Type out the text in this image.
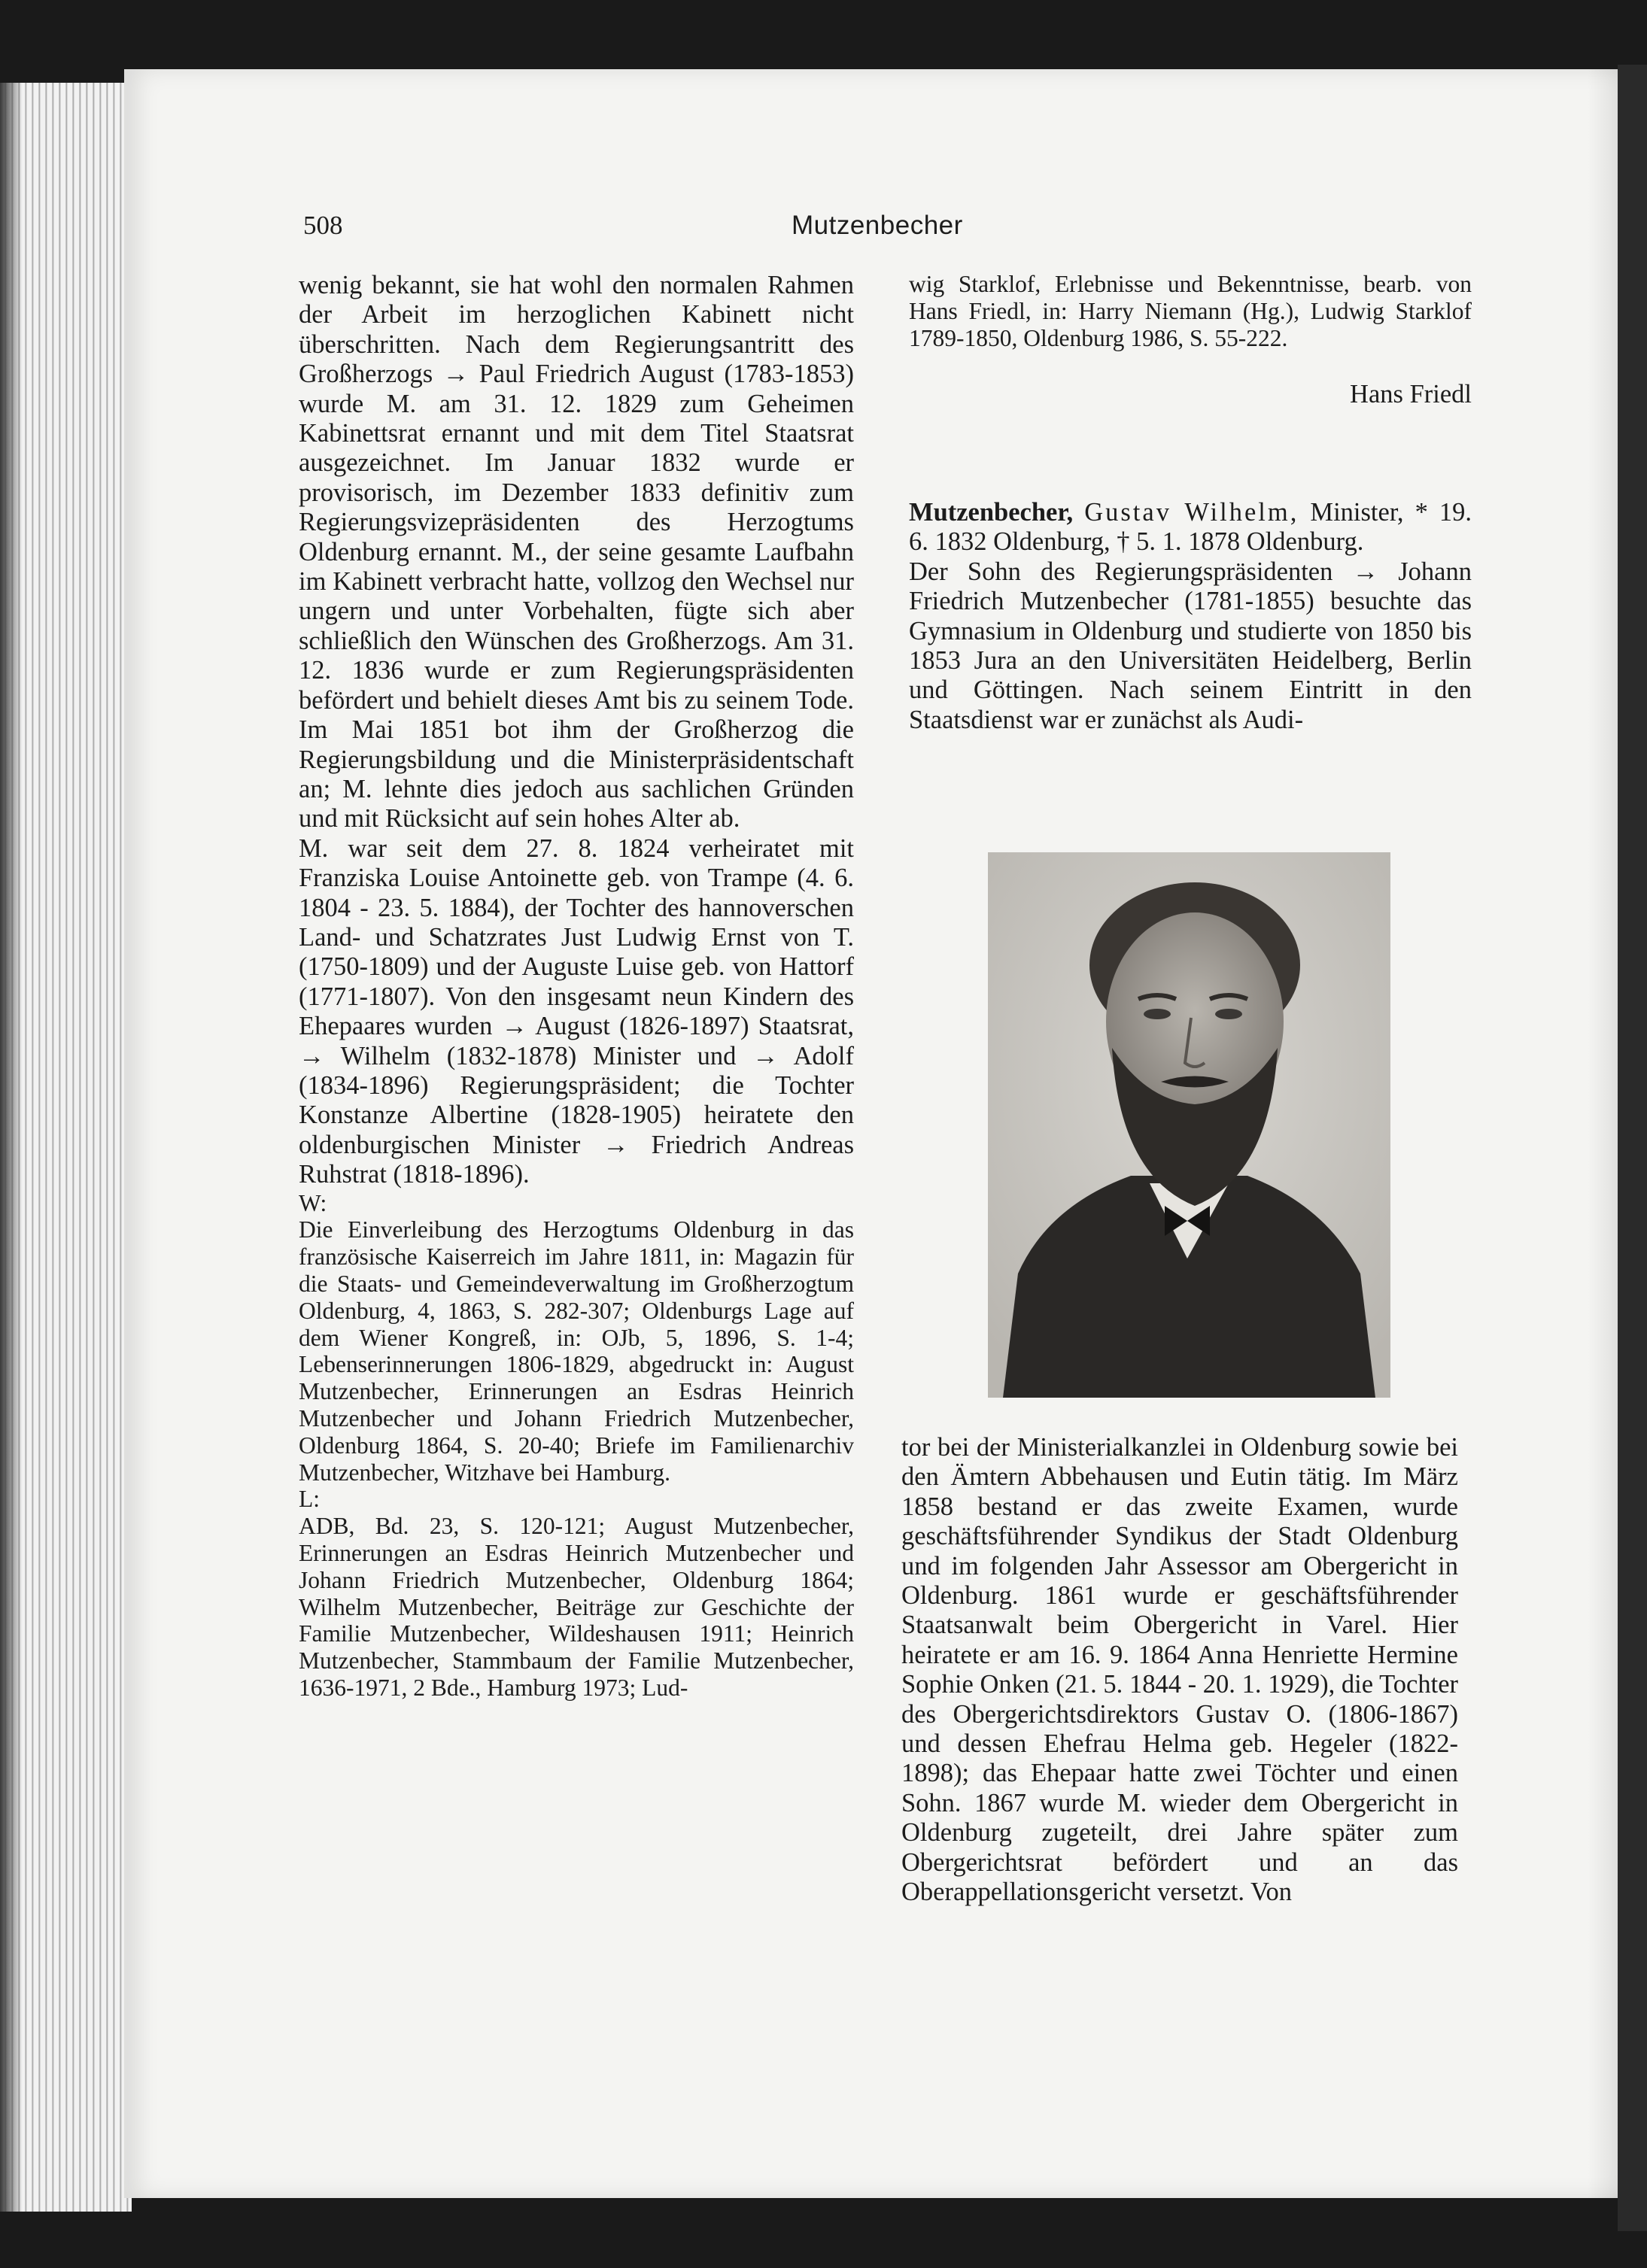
508	Mutzenbecher

wenig bekannt, sie hat wohl den normalen Rahmen der Arbeit im herzoglichen Kabinett nicht überschritten. Nach dem Regierungsantritt des Großherzogs → Paul Friedrich August (1783-1853) wurde M. am 31. 12. 1829 zum Geheimen Kabinettsrat ernannt und mit dem Titel Staatsrat ausgezeichnet. Im Januar 1832 wurde er provisorisch, im Dezember 1833 definitiv zum Regierungsvizepräsidenten des Herzogtums Oldenburg ernannt. M., der seine gesamte Laufbahn im Kabinett verbracht hatte, vollzog den Wechsel nur ungern und unter Vorbehalten, fügte sich aber schließlich den Wünschen des Großherzogs. Am 31. 12. 1836 wurde er zum Regierungspräsidenten befördert und behielt dieses Amt bis zu seinem Tode. Im Mai 1851 bot ihm der Großherzog die Regierungsbildung und die Ministerpräsidentschaft an; M. lehnte dies jedoch aus sachlichen Gründen und mit Rücksicht auf sein hohes Alter ab.

M. war seit dem 27. 8. 1824 verheiratet mit Franziska Louise Antoinette geb. von Trampe (4. 6. 1804 - 23. 5. 1884), der Tochter des hannoverschen Land- und Schatzrates Just Ludwig Ernst von T. (1750-1809) und der Auguste Luise geb. von Hattorf (1771-1807). Von den insgesamt neun Kindern des Ehepaares wurden → August (1826-1897) Staatsrat, → Wilhelm (1832-1878) Minister und → Adolf (1834-1896) Regierungspräsident; die Tochter Konstanze Albertine (1828-1905) heiratete den oldenburgischen Minister → Friedrich Andreas Ruhstrat (1818-1896).

W:
Die Einverleibung des Herzogtums Oldenburg in das französische Kaiserreich im Jahre 1811, in: Magazin für die Staats- und Gemeindeverwaltung im Großherzogtum Oldenburg, 4, 1863, S. 282-307; Oldenburgs Lage auf dem Wiener Kongreß, in: OJb, 5, 1896, S. 1-4; Lebenserinnerungen 1806-1829, abgedruckt in: August Mutzenbecher, Erinnerungen an Esdras Heinrich Mutzenbecher und Johann Friedrich Mutzenbecher, Oldenburg 1864, S. 20-40; Briefe im Familienarchiv Mutzenbecher, Witzhave bei Hamburg.
L:
ADB, Bd. 23, S. 120-121; August Mutzenbecher, Erinnerungen an Esdras Heinrich Mutzenbecher und Johann Friedrich Mutzenbecher, Oldenburg 1864; Wilhelm Mutzenbecher, Beiträge zur Geschichte der Familie Mutzenbecher, Wildeshausen 1911; Heinrich Mutzenbecher, Stammbaum der Familie Mutzenbecher, 1636-1971, 2 Bde., Hamburg 1973; Lud-

wig Starklof, Erlebnisse und Bekenntnisse, bearb. von Hans Friedl, in: Harry Niemann (Hg.), Ludwig Starklof 1789-1850, Oldenburg 1986, S. 55-222.

Hans Friedl

Mutzenbecher, Gustav Wilhelm, Minister, * 19. 6. 1832 Oldenburg, † 5. 1. 1878 Oldenburg.

Der Sohn des Regierungspräsidenten → Johann Friedrich Mutzenbecher (1781-1855) besuchte das Gymnasium in Oldenburg und studierte von 1850 bis 1853 Jura an den Universitäten Heidelberg, Berlin und Göttingen. Nach seinem Eintritt in den Staatsdienst war er zunächst als Audi-

tor bei der Ministerialkanzlei in Oldenburg sowie bei den Ämtern Abbehausen und Eutin tätig. Im März 1858 bestand er das zweite Examen, wurde geschäftsführender Syndikus der Stadt Oldenburg und im folgenden Jahr Assessor am Obergericht in Oldenburg. 1861 wurde er geschäftsführender Staatsanwalt beim Obergericht in Varel. Hier heiratete er am 16. 9. 1864 Anna Henriette Hermine Sophie Onken (21. 5. 1844 - 20. 1. 1929), die Tochter des Obergerichtsdirektors Gustav O. (1806-1867) und dessen Ehefrau Helma geb. Hegeler (1822-1898); das Ehepaar hatte zwei Töchter und einen Sohn. 1867 wurde M. wieder dem Obergericht in Oldenburg zugeteilt, drei Jahre später zum Obergerichtsrat befördert und an das Oberappellationsgericht versetzt. Von
